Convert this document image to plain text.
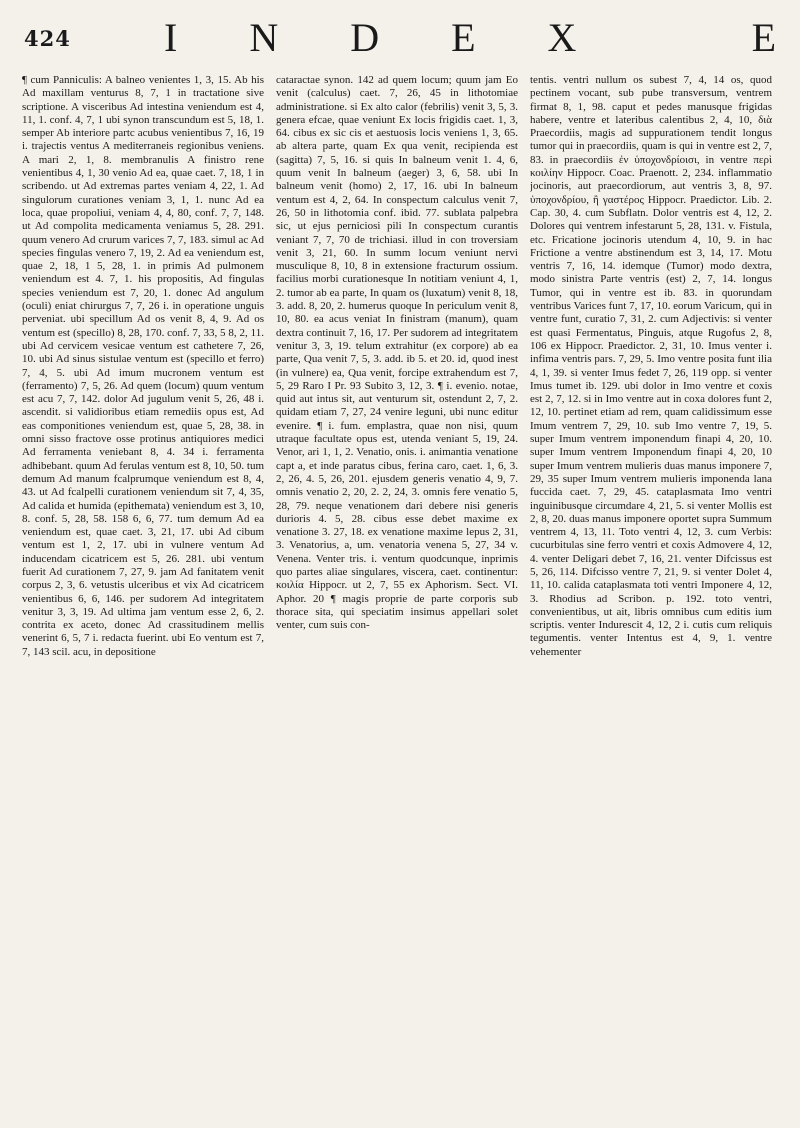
424 INDEX	E

¶ cum Panniculis: A balneo venientes 1, 3, 15. Ab his Ad maxillam venturus 8, 7, 1 in tractatione sive scriptione. A visceribus Ad intestina veniendum est 4, 11, 1. conf. 4, 7, 1 ubi synon transcundum est 5, 18, 1. semper Ab interiore partc acubus venientibus 7, 16, 19 i. trajectis ventus A mediterraneis regionibus veniens. A mari 2, 1, 8. membranulis A finistro rene venientibus 4, 1, 30 venio Ad ea, quae caet. 7, 18, 1 in scribendo. ut Ad extremas partes veniam 4, 22, 1. Ad singulorum curationes veniam 3, 1, 1. nunc Ad ea loca, quae propoliui, veniam 4, 4, 80, conf. 7, 7, 148. ut Ad compolita medicamenta veniamus 5, 28. 291. quum venero Ad crurum varices 7, 7, 183. simul ac Ad species fingulas venero 7, 19, 2. Ad ea veniendum est, quae 2, 18, 1 5, 28, 1. in primis Ad pulmonem veniendum est 4. 7, 1. his propositis, Ad fingulas species veniendum est 7, 20, 1. donec Ad angulum (oculi) eniat chirurgus 7, 7, 26 i. in operatione unguis perveniat. ubi specillum Ad os venit 8, 4, 9. Ad os ventum est (specillo) 8, 28, 170. conf. 7, 33, 5 8, 2, 11. ubi Ad cervicem vesicae ventum est catheterе 7, 26, 10. ubi Ad sinus sistulae ventum est (specillo et ferro) 7, 4, 5. ubi Ad imum mucronem ventum est (ferramento) 7, 5, 26. Ad quem (locum) quum ventum est acu 7, 7, 142. dolor Ad jugulum venit 5, 26, 48 i. ascendit. si validioribus etiam remediis opus est, Ad eas componitiones veniendum est, quae 5, 28, 38. in omni sisso fractove osse protinus antiquiores medici Ad ferramenta veniebant 8, 4. 34 i. ferramenta adhibebant. quum Ad ferulas ventum est 8, 10, 50. tum demum Ad manum fcalprumque veniendum est 8, 4, 43. ut Ad fcalpelli curationem veniendum sit 7, 4, 35, Ad calida et humida (epithemata) veniendum est 3, 10, 8. conf. 5, 28, 58. 158 6, 6, 77. tum demum Ad ea veniendum est, quae caet. 3, 21, 17. ubi Ad cibum ventum est 1, 2, 17. ubi in vulnere ventum Ad inducendam cicatricem est 5, 26. 281. ubi ventum fuerit Ad curationem 7, 27, 9. jam Ad fanitatem venit corpus 2, 3, 6. vetustis ulceribus et vix Ad cicatricem venientibus 6, 6, 146. per sudorem Ad integritatem venitur 3, 3, 19. Ad ultima jam ventum esse 2, 6, 2. contrita ex aceto, donec Ad crassitudinem mellis venerint 6, 5, 7 i. redacta fuerint. ubi Eo ventum est 7, 7, 143 scil. acu, in depositione

cataractae synon. 142 ad quem locum; quum jam Eo venit (calculus) caet. 7, 26, 45 in lithotomiae administratione. si Ex alto calor (febrilis) venit 3, 5, 3. genera efcae, quae veniunt Ex locis frigidis caet. 1, 3, 64. cibus ex sic cis et aestuosis locis veniens 1, 3, 65. ab altera parte, quam Ex qua venit, recipienda est (sagitta) 7, 5, 16. si quis In balneum venit 1. 4, 6, quum venit In balneum (aeger) 3, 6, 58. ubi In balneum venit (homo) 2, 17, 16. ubi In balneum ventum est 4, 2, 64. In conspectum calculus venit 7, 26, 50 in lithotomia conf. ibid. 77. sublata palpebra sic, ut ejus perniciosi pili In conspectum curantis veniant 7, 7, 70 de trichiasi. illud in con troversiam venit 3, 21, 60. In summ locum veniunt nervi musculique 8, 10, 8 in extensione fracturum ossium. facilius morbi curationesque In notitiam veniunt 4, 1, 2. tumor ab ea parte, In quam os (luxatum) venit 8, 18, 3. add. 8, 20, 2. humerus quoque In periculum venit 8, 10, 80. ea acus veniat In finistram (manum), quam dextra continuit 7, 16, 17. Per sudorem ad integritatem venitur 3, 3, 19. telum extrahitur (ex corpore) ab ea parte, Qua venit 7, 5, 3. add. ib 5. et 20. id, quod inest (in vulnere) ea, Qua venit, forcipe extrahendum est 7, 5, 29 Raro I Pr. 93 Subito 3, 12, 3. ¶ i. evenio. notae, quid aut intus sit, aut venturum sit, ostendunt 2, 7, 2. quidam etiam 7, 27, 24 venire leguni, ubi nunc editur evenire. ¶ i. fum. emplastra, quae non nisi, quum utraque facultate opus est, utenda veniant 5, 19, 24. Venor, ari 1, 1, 2. Venatio, onis. i. animantia venatione capt a, et inde paratus cibus, ferina caro, caet. 1, 6, 3. 2, 26, 4. 5, 26, 201. ejusdem generis venatio 4, 9, 7. omnis venatio 2, 20, 2. 2, 24, 3. omnis fere venatio 5, 28, 79. neque venationem dari debere nisi generis durioris 4. 5, 28. cibus esse debet maxime ex venatione 3. 27, 18. ex venatione maxime lepus 2, 31, 3. Venatorius, a, um. venatoria venena 5, 27, 34 v. Venena. Venter tris. i. ventum quodcunque, inprimis quo partes aliae singulares, viscera, caet. continentur: κοιλία Hippocr. ut 2, 7, 55 ex Aphorism. Sect. VI. Aphor. 20 ¶ magis proprie de parte corporis sub thorace sita, qui speciatim insimus appellari solet venter, cum suis con-

tentis. ventri nullum os subest 7, 4, 14 os, quod pectinem vocant, sub pube transversum, ventrem firmat 8, 1, 98. caput et pedes manusque frigidas habere, ventre et lateribus calentibus 2, 4, 10, διὰ Praecordiis, magis ad suppurationem tendit longus tumor qui in praecordiis, quam is qui in ventre est 2, 7, 83. in praecordiis ἐν ὑποχονδρίοισι, in ventre περὶ κοιλίην Hippocr. Coac. Praenott. 2, 234. inflammatio jocinoris, aut praecordiorum, aut ventris 3, 8, 97. ὑποχονδρίου, ἢ γαστέρος Hippocr. Praedictor. Lib. 2. Cap. 30, 4. cum Subflatn. Dolor ventris est 4, 12, 2. Dolores qui ventrem infestarunt 5, 28, 131. v. Fistula, etc. Fricatione jocinoris utendum 4, 10, 9. in hac Frictione a ventre abstinendum est 3, 14, 17. Motu ventris 7, 16, 14. idemque (Tumor) modo dextra, modo sinistra Parte ventris (est) 2, 7, 14. longus Tumor, qui in ventre est ib. 83. in quorundam ventribus Varices funt 7, 17, 10. eorum Varicum, qui in ventre funt, curatio 7, 31, 2. cum Adjectivis: si venter est quasi Fermentatus, Pinguis, atque Rugofus 2, 8, 106 ex Hippocr. Praedictor. 2, 31, 10. Imus venter i. infima ventris pars. 7, 29, 5. Imo ventre posita funt ilia 4, 1, 39. si venter Imus fedet 7, 26, 119 opp. si venter Imus tumet ib. 129. ubi dolor in Imo ventre et coxis est 2, 7, 12. si in Imo ventre aut in coxa dolores funt 2, 12, 10. pertinet etiam ad rem, quam calidissimum esse Imum ventrem 7, 29, 10. sub Imo ventre 7, 19, 5. super Imum ventrem imponendum finapi 4, 20, 10. super Imum ventrem Imponendum finapi 4, 20, 10 super Imum ventrem mulieris duas manus imponere 7, 29, 35 super Imum ventrem mulieris imponenda lana fuccida caet. 7, 29, 45. cataplasmata Imo ventri inguinibusque circumdare 4, 21, 5. si venter Mollis est 2, 8, 20. duas manus imponere oportet supra Summum ventrem 4, 13, 11. Toto ventri 4, 12, 3. cum Verbis: cucurbitulas sine ferro ventri et coxis Admovere 4, 12, 4. venter Deligari debet 7, 16, 21. venter Difcissus est 5, 26, 114. Difcisso ventre 7, 21, 9. si venter Dolet 4, 11, 10. calida cataplasmata toti ventri Imponere 4, 12, 3. Rhodius ad Scribon. p. 192. toto ventri, convenientibus, ut ait, libris omnibus cum editis ium scriptis. venter Indurescit 4, 12, 2 i. cutis cum reliquis tegumentis. venter Intentus est 4, 9, 1. ventre vehementer
